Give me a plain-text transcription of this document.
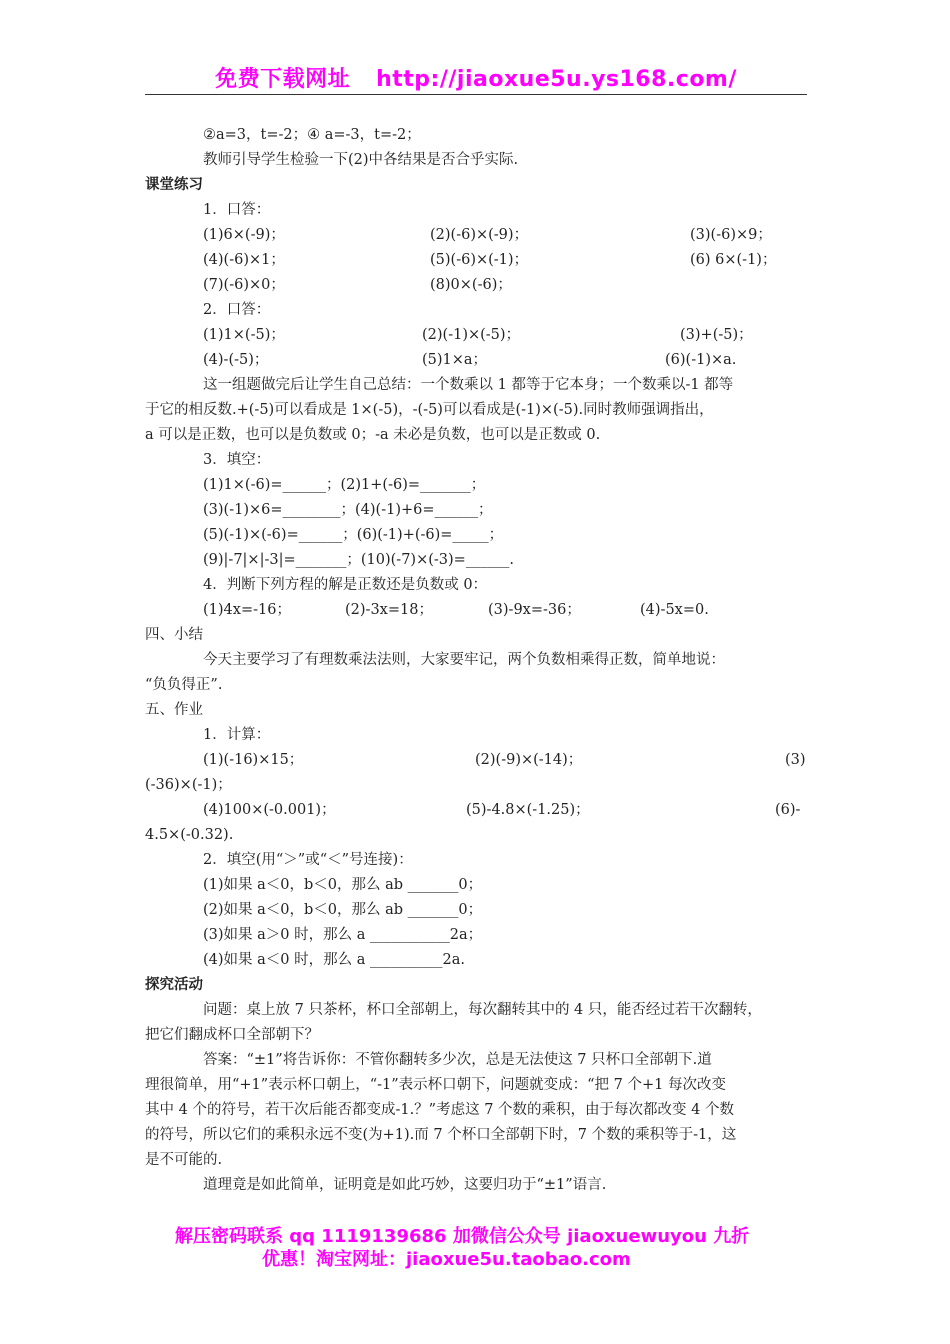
免费下载网址 http://jiaoxue5u.ys168.com/
②a=3，t=-2；④ a=-3，t=-2；
教师引导学生检验一下(2)中各结果是否合乎实际.
课堂练习
1．口答：
(1)6×(-9)；	(2)(-6)×(-9)；	(3)(-6)×9；
(4)(-6)×1；	(5)(-6)×(-1)；	(6) 6×(-1)；
(7)(-6)×0；	(8)0×(-6)；
2．口答：
(1)1×(-5)；	(2)(-1)×(-5)；	(3)+(-5)；
(4)-(-5)；	(5)1×a；	(6)(-1)×a.
这一组题做完后让学生自己总结：一个数乘以 1 都等于它本身；一个数乘以-1 都等
于它的相反数.+(-5)可以看成是 1×(-5)，-(-5)可以看成是(-1)×(-5).同时教师强调指出，
a 可以是正数，也可以是负数或 0；-a 未必是负数，也可以是正数或 0.
3．填空：
(1)1×(-6)=______；(2)1+(-6)=_______；
(3)(-1)×6=________；(4)(-1)+6=______；
(5)(-1)×(-6)=______；(6)(-1)+(-6)=_____；
(9)|-7|×|-3|=_______；(10)(-7)×(-3)=______.
4．判断下列方程的解是正数还是负数或 0：
(1)4x=-16；	(2)-3x=18；	(3)-9x=-36；	(4)-5x=0.
四、小结
今天主要学习了有理数乘法法则，大家要牢记，两个负数相乘得正数，简单地说：
“负负得正”.
五、作业
1．计算：
(1)(-16)×15；	(2)(-9)×(-14)；	(3)
(-36)×(-1)；
(4)100×(-0.001)；	(5)-4.8×(-1.25)；	(6)-
4.5×(-0.32).
2．填空(用“＞”或“＜”号连接)：
(1)如果 a＜0，b＜0，那么 ab _______0；
(2)如果 a＜0，b＜0，那么 ab _______0；
(3)如果 a＞0 时，那么 a ___________2a；
(4)如果 a＜0 时，那么 a __________2a.
探究活动
问题：桌上放 7 只茶杯，杯口全部朝上，每次翻转其中的 4 只，能否经过若干次翻转，
把它们翻成杯口全部朝下？
答案：“±1”将告诉你：不管你翻转多少次，总是无法使这 7 只杯口全部朝下.道
理很简单，用“+1”表示杯口朝上，“-1”表示杯口朝下，问题就变成：“把 7 个+1 每次改变
其中 4 个的符号，若干次后能否都变成-1.？”考虑这 7 个数的乘积，由于每次都改变 4 个数
的符号，所以它们的乘积永远不变(为+1).而 7 个杯口全部朝下时，7 个数的乘积等于-1，这
是不可能的.
道理竟是如此简单，证明竟是如此巧妙，这要归功于“±1”语言.
解压密码联系 qq 1119139686 加微信公众号 jiaoxuewuyou 九折
优惠！淘宝网址：jiaoxue5u.taobao.com
